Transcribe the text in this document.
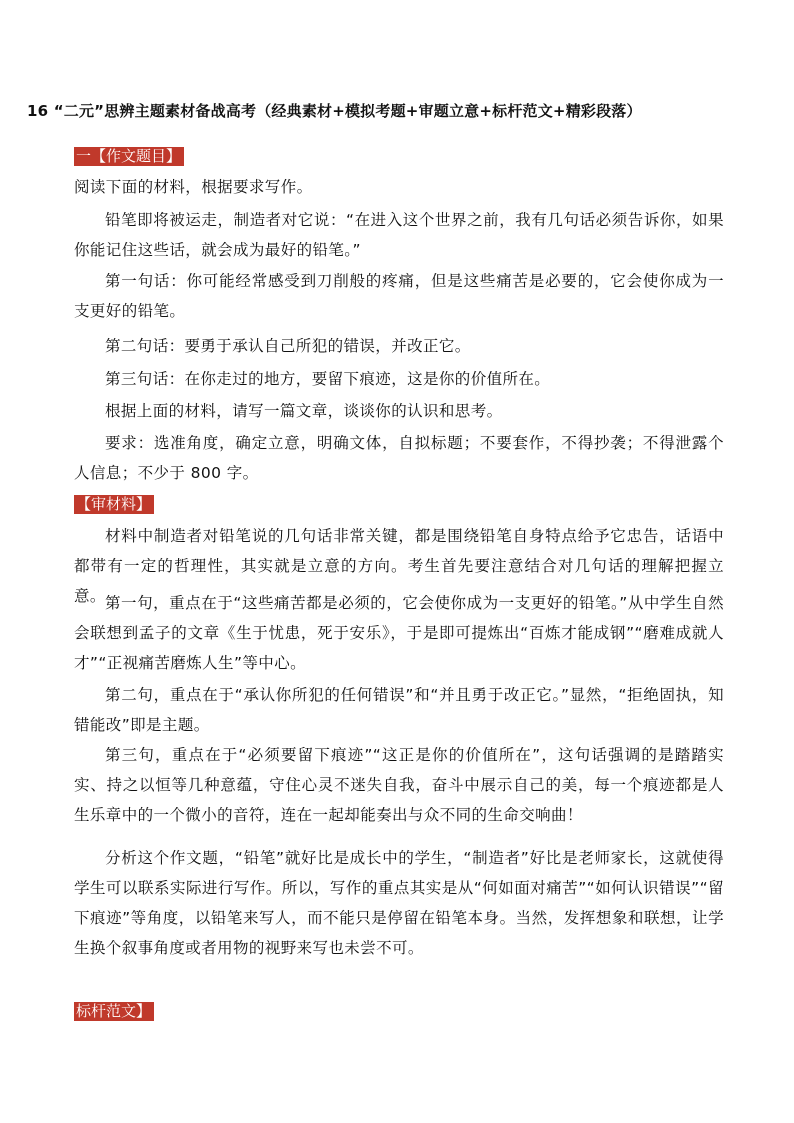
16 “二元”思辨主题素材备战高考（经典素材+模拟考题+审题立意+标杆范文+精彩段落）
一【作文题目】
阅读下面的材料，根据要求写作。
铅笔即将被运走，制造者对它说：“在进入这个世界之前，我有几句话必须告诉你，如果你能记住这些话，就会成为最好的铅笔。”
第一句话：你可能经常感受到刀削般的疼痛，但是这些痛苦是必要的，它会使你成为一支更好的铅笔。
第二句话：要勇于承认自己所犯的错误，并改正它。
第三句话：在你走过的地方，要留下痕迹，这是你的价值所在。
根据上面的材料，请写一篇文章，谈谈你的认识和思考。
要求：选准角度，确定立意，明确文体，自拟标题；不要套作，不得抄袭；不得泄露个人信息；不少于 800 字。
【审材料】
材料中制造者对铅笔说的几句话非常关键，都是围绕铅笔自身特点给予它忠告，话语中都带有一定的哲理性，其实就是立意的方向。考生首先要注意结合对几句话的理解把握立意。 第一句，重点在于“这些痛苦都是必须的，它会使你成为一支更好的铅笔。”从中学生自然会联想到孟子的文章《生于忧患，死于安乐》，于是即可提炼出“百炼才能成钢”“磨难成就人才”“正视痛苦磨炼人生”等中心。
第二句，重点在于“承认你所犯的任何错误”和“并且勇于改正它。”显然，“拒绝固执，知错能改”即是主题。
第三句，重点在于“必须要留下痕迹”“这正是你的价值所在”，这句话强调的是踏踏实实、持之以恒等几种意蕴，守住心灵不迷失自我，奋斗中展示自己的美，每一个痕迹都是人生乐章中的一个微小的音符，连在一起却能奏出与众不同的生命交响曲！
分析这个作文题，“铅笔”就好比是成长中的学生，“制造者”好比是老师家长，这就使得学生可以联系实际进行写作。所以，写作的重点其实是从“何如面对痛苦”“如何认识错误”“留下痕迹”等角度，以铅笔来写人，而不能只是停留在铅笔本身。当然，发挥想象和联想，让学生换个叙事角度或者用物的视野来写也未尝不可。
标杆范文】
